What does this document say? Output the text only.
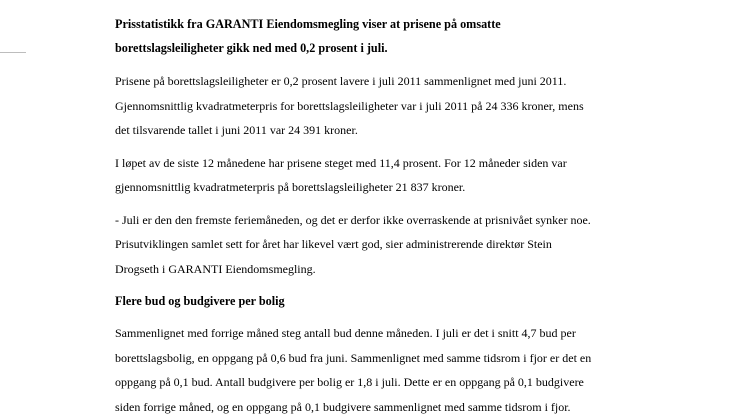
Prisstatistikk fra GARANTI Eiendomsmegling viser at prisene på omsatte
borettslagsleiligheter gikk ned med 0,2 prosent i juli.
Prisene på borettslagsleiligheter er 0,2 prosent lavere i juli 2011 sammenlignet med juni 2011.
Gjennomsnittlig kvadratmeterpris for borettslagsleiligheter var i juli 2011 på 24 336 kroner, mens
det tilsvarende tallet i juni 2011 var 24 391 kroner.
I løpet av de siste 12 månedene har prisene steget med 11,4 prosent. For 12 måneder siden var
gjennomsnittlig kvadratmeterpris på borettslagsleiligheter 21 837 kroner.
- Juli er den den fremste feriemåneden, og det er derfor ikke overraskende at prisnivået synker noe.
Prisutviklingen samlet sett for året har likevel vært god, sier administrerende direktør Stein
Drogseth i GARANTI Eiendomsmegling.
Flere bud og budgivere per bolig
Sammenlignet med forrige måned steg antall bud denne måneden. I juli er det i snitt 4,7 bud per
borettslagsbolig, en oppgang på 0,6 bud fra juni. Sammenlignet med samme tidsrom i fjor er det en
oppgang på 0,1 bud. Antall budgivere per bolig er 1,8 i juli. Dette er en oppgang på 0,1 budgivere
siden forrige måned, og en oppgang på 0,1 budgivere sammenlignet med samme tidsrom i fjor.
